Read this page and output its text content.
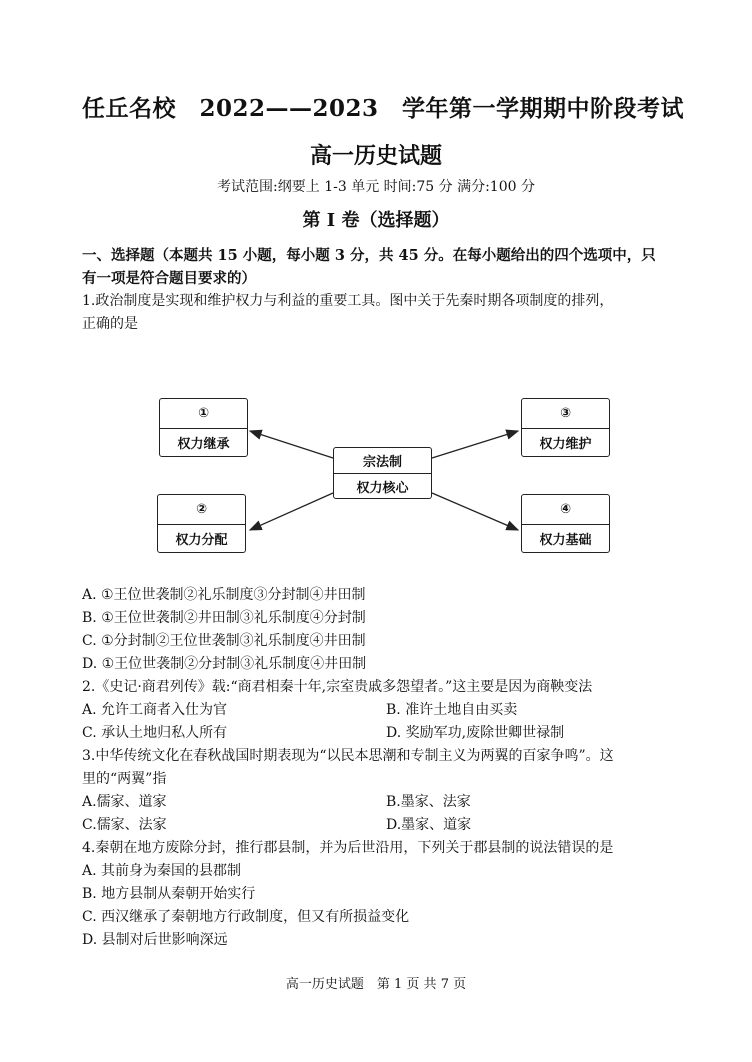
任丘名校　2022——2023　学年第一学期期中阶段考试
高一历史试题
考试范围:纲要上 1-3 单元 时间:75 分 满分:100 分
第 Ⅰ 卷（选择题）
一、选择题（本题共 15 小题，每小题 3 分，共 45 分。在每小题给出的四个选项中，只
有一项是符合题目要求的）
1.政治制度是实现和维护权力与利益的重要工具。图中关于先秦时期各项制度的排列，
正确的是
①
权力继承
②
权力分配
③
权力维护
④
权力基础
宗法制
权力核心
A. ①王位世袭制②礼乐制度③分封制④井田制
B. ①王位世袭制②井田制③礼乐制度④分封制
C. ①分封制②王位世袭制③礼乐制度④井田制
D. ①王位世袭制②分封制③礼乐制度④井田制
2.《史记·商君列传》载:“商君相秦十年,宗室贵戚多怨望者。”这主要是因为商鞅变法
A. 允许工商者入仕为官	B. 准许土地自由买卖
C. 承认土地归私人所有	D. 奖励军功,废除世卿世禄制
3.中华传统文化在春秋战国时期表现为“以民本思潮和专制主义为两翼的百家争鸣”。这
里的“两翼”指
A.儒家、道家	B.墨家、法家
C.儒家、法家	D.墨家、道家
4.秦朝在地方废除分封，推行郡县制，并为后世沿用，下列关于郡县制的说法错误的是
A. 其前身为秦国的县郡制
B. 地方县制从秦朝开始实行
C. 西汉继承了秦朝地方行政制度，但又有所损益变化
D. 县制对后世影响深远
高一历史试题　第 1 页 共 7 页
